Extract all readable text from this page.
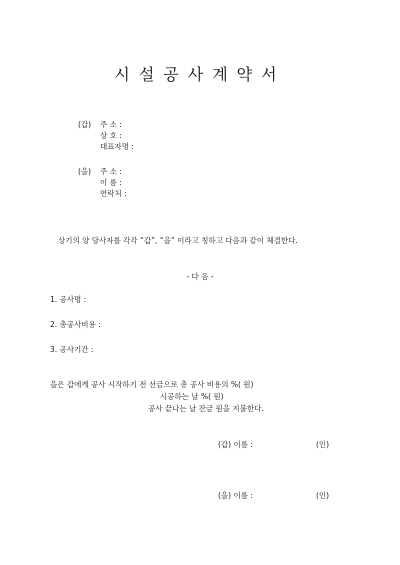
시설공사계약서
(갑) 주 소 :
상 호 :
대표자명 :
(을) 주 소 :
이 름 :
연락처 :
상기의 양 당사자를 각각 “갑”, “을” 이라고 칭하고 다음과 같이 체결한다.
- 다 음 -
1. 공사명 :
2. 총공사비용 :
3. 공사기간 :
을은 갑에게 공사 시작하기 전 선금으로 총 공사 비용의 %( 원)
시공하는 날 %( 원)
공사 끝나는 날 잔금 원을 지불한다.
(갑) 이름 :	(인)
(을) 이름 :	(인)
